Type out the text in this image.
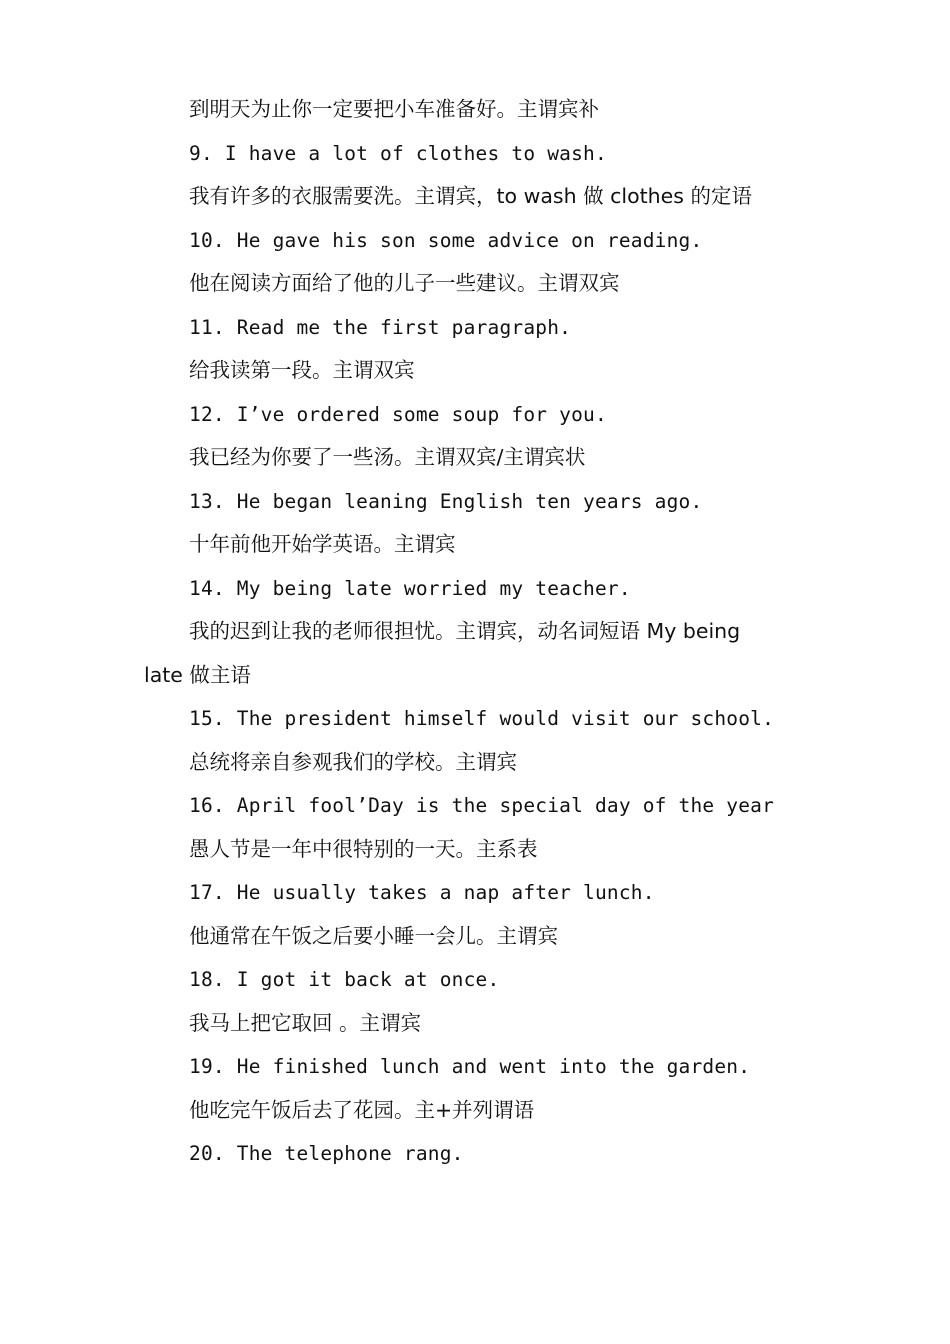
到明天为止你一定要把小车准备好。主谓宾补

9. I have a lot of clothes to wash.

我有许多的衣服需要洗。主谓宾，to wash 做 clothes 的定语

10. He gave his son some advice on reading.

他在阅读方面给了他的儿子一些建议。主谓双宾

11. Read me the first paragraph.

给我读第一段。主谓双宾

12. I’ve ordered some soup for you.

我已经为你要了一些汤。主谓双宾/主谓宾状

13. He began leaning English ten years ago.

十年前他开始学英语。主谓宾

14. My being late worried my teacher.

我的迟到让我的老师很担忧。主谓宾，动名词短语 My being

late 做主语

15. The president himself would visit our school.

总统将亲自参观我们的学校。主谓宾

16. April fool’Day is the special day of the year

愚人节是一年中很特别的一天。主系表

17. He usually takes a nap after lunch.

他通常在午饭之后要小睡一会儿。主谓宾

18. I got it back at once.

我马上把它取回 。主谓宾

19. He finished lunch and went into the garden.

他吃完午饭后去了花园。主+并列谓语

20. The telephone rang.
